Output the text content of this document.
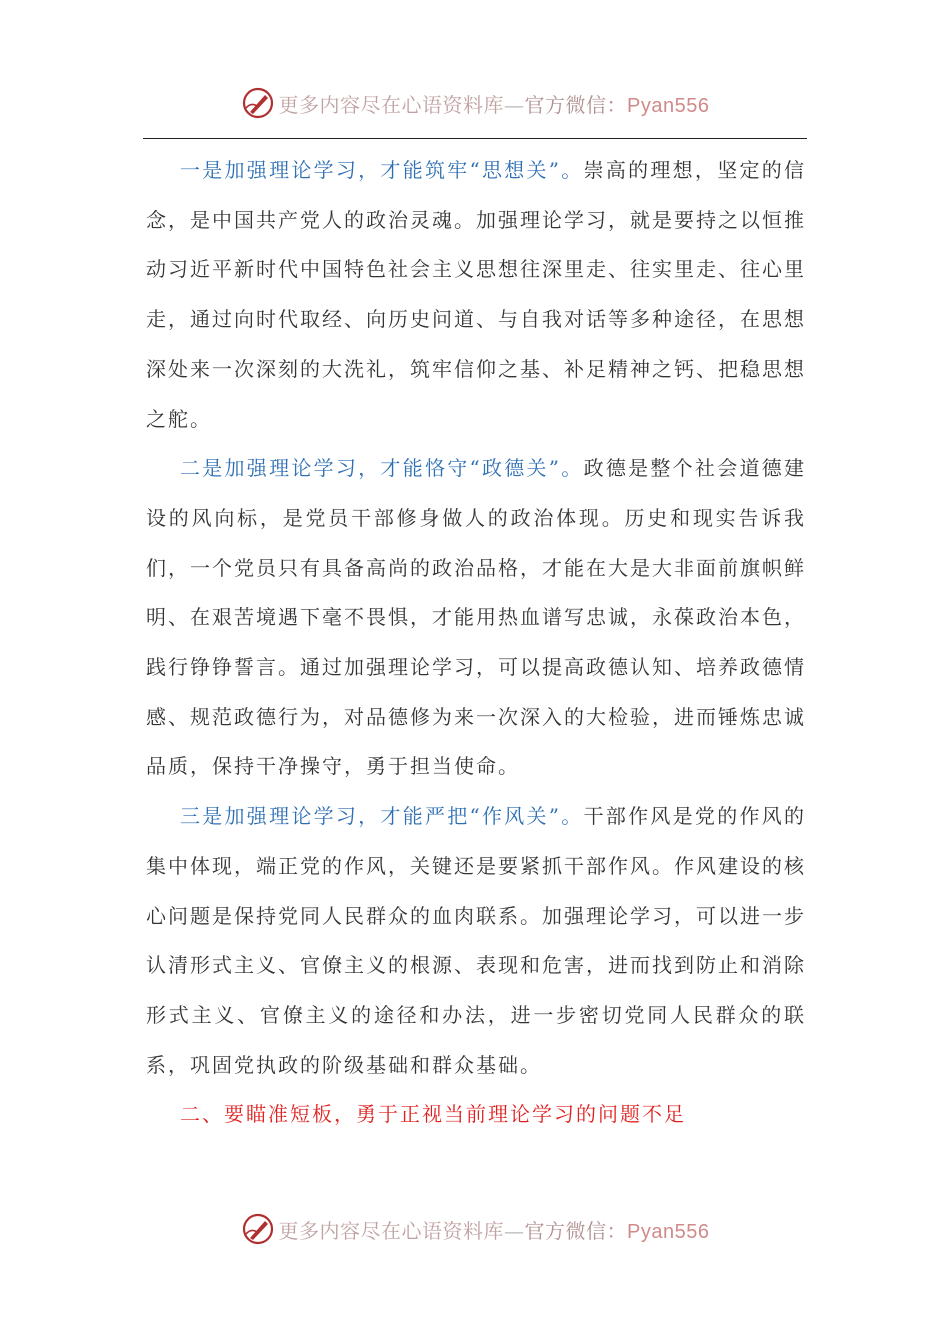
更多内容尽在心语资料库—官方微信：Pyan556

一是加强理论学习，才能筑牢“思想关”。崇高的理想，坚定的信念，是中国共产党人的政治灵魂。加强理论学习，就是要持之以恒推动习近平新时代中国特色社会主义思想往深里走、往实里走、往心里走，通过向时代取经、向历史问道、与自我对话等多种途径，在思想深处来一次深刻的大洗礼，筑牢信仰之基、补足精神之钙、把稳思想之舵。

二是加强理论学习，才能恪守“政德关”。政德是整个社会道德建设的风向标，是党员干部修身做人的政治体现。历史和现实告诉我们，一个党员只有具备高尚的政治品格，才能在大是大非面前旗帜鲜明、在艰苦境遇下毫不畏惧，才能用热血谱写忠诚，永葆政治本色，践行铮铮誓言。通过加强理论学习，可以提高政德认知、培养政德情感、规范政德行为，对品德修为来一次深入的大检验，进而锤炼忠诚品质，保持干净操守，勇于担当使命。

三是加强理论学习，才能严把“作风关”。干部作风是党的作风的集中体现，端正党的作风，关键还是要紧抓干部作风。作风建设的核心问题是保持党同人民群众的血肉联系。加强理论学习，可以进一步认清形式主义、官僚主义的根源、表现和危害，进而找到防止和消除形式主义、官僚主义的途径和办法，进一步密切党同人民群众的联系，巩固党执政的阶级基础和群众基础。

二、要瞄准短板，勇于正视当前理论学习的问题不足

更多内容尽在心语资料库—官方微信：Pyan556
